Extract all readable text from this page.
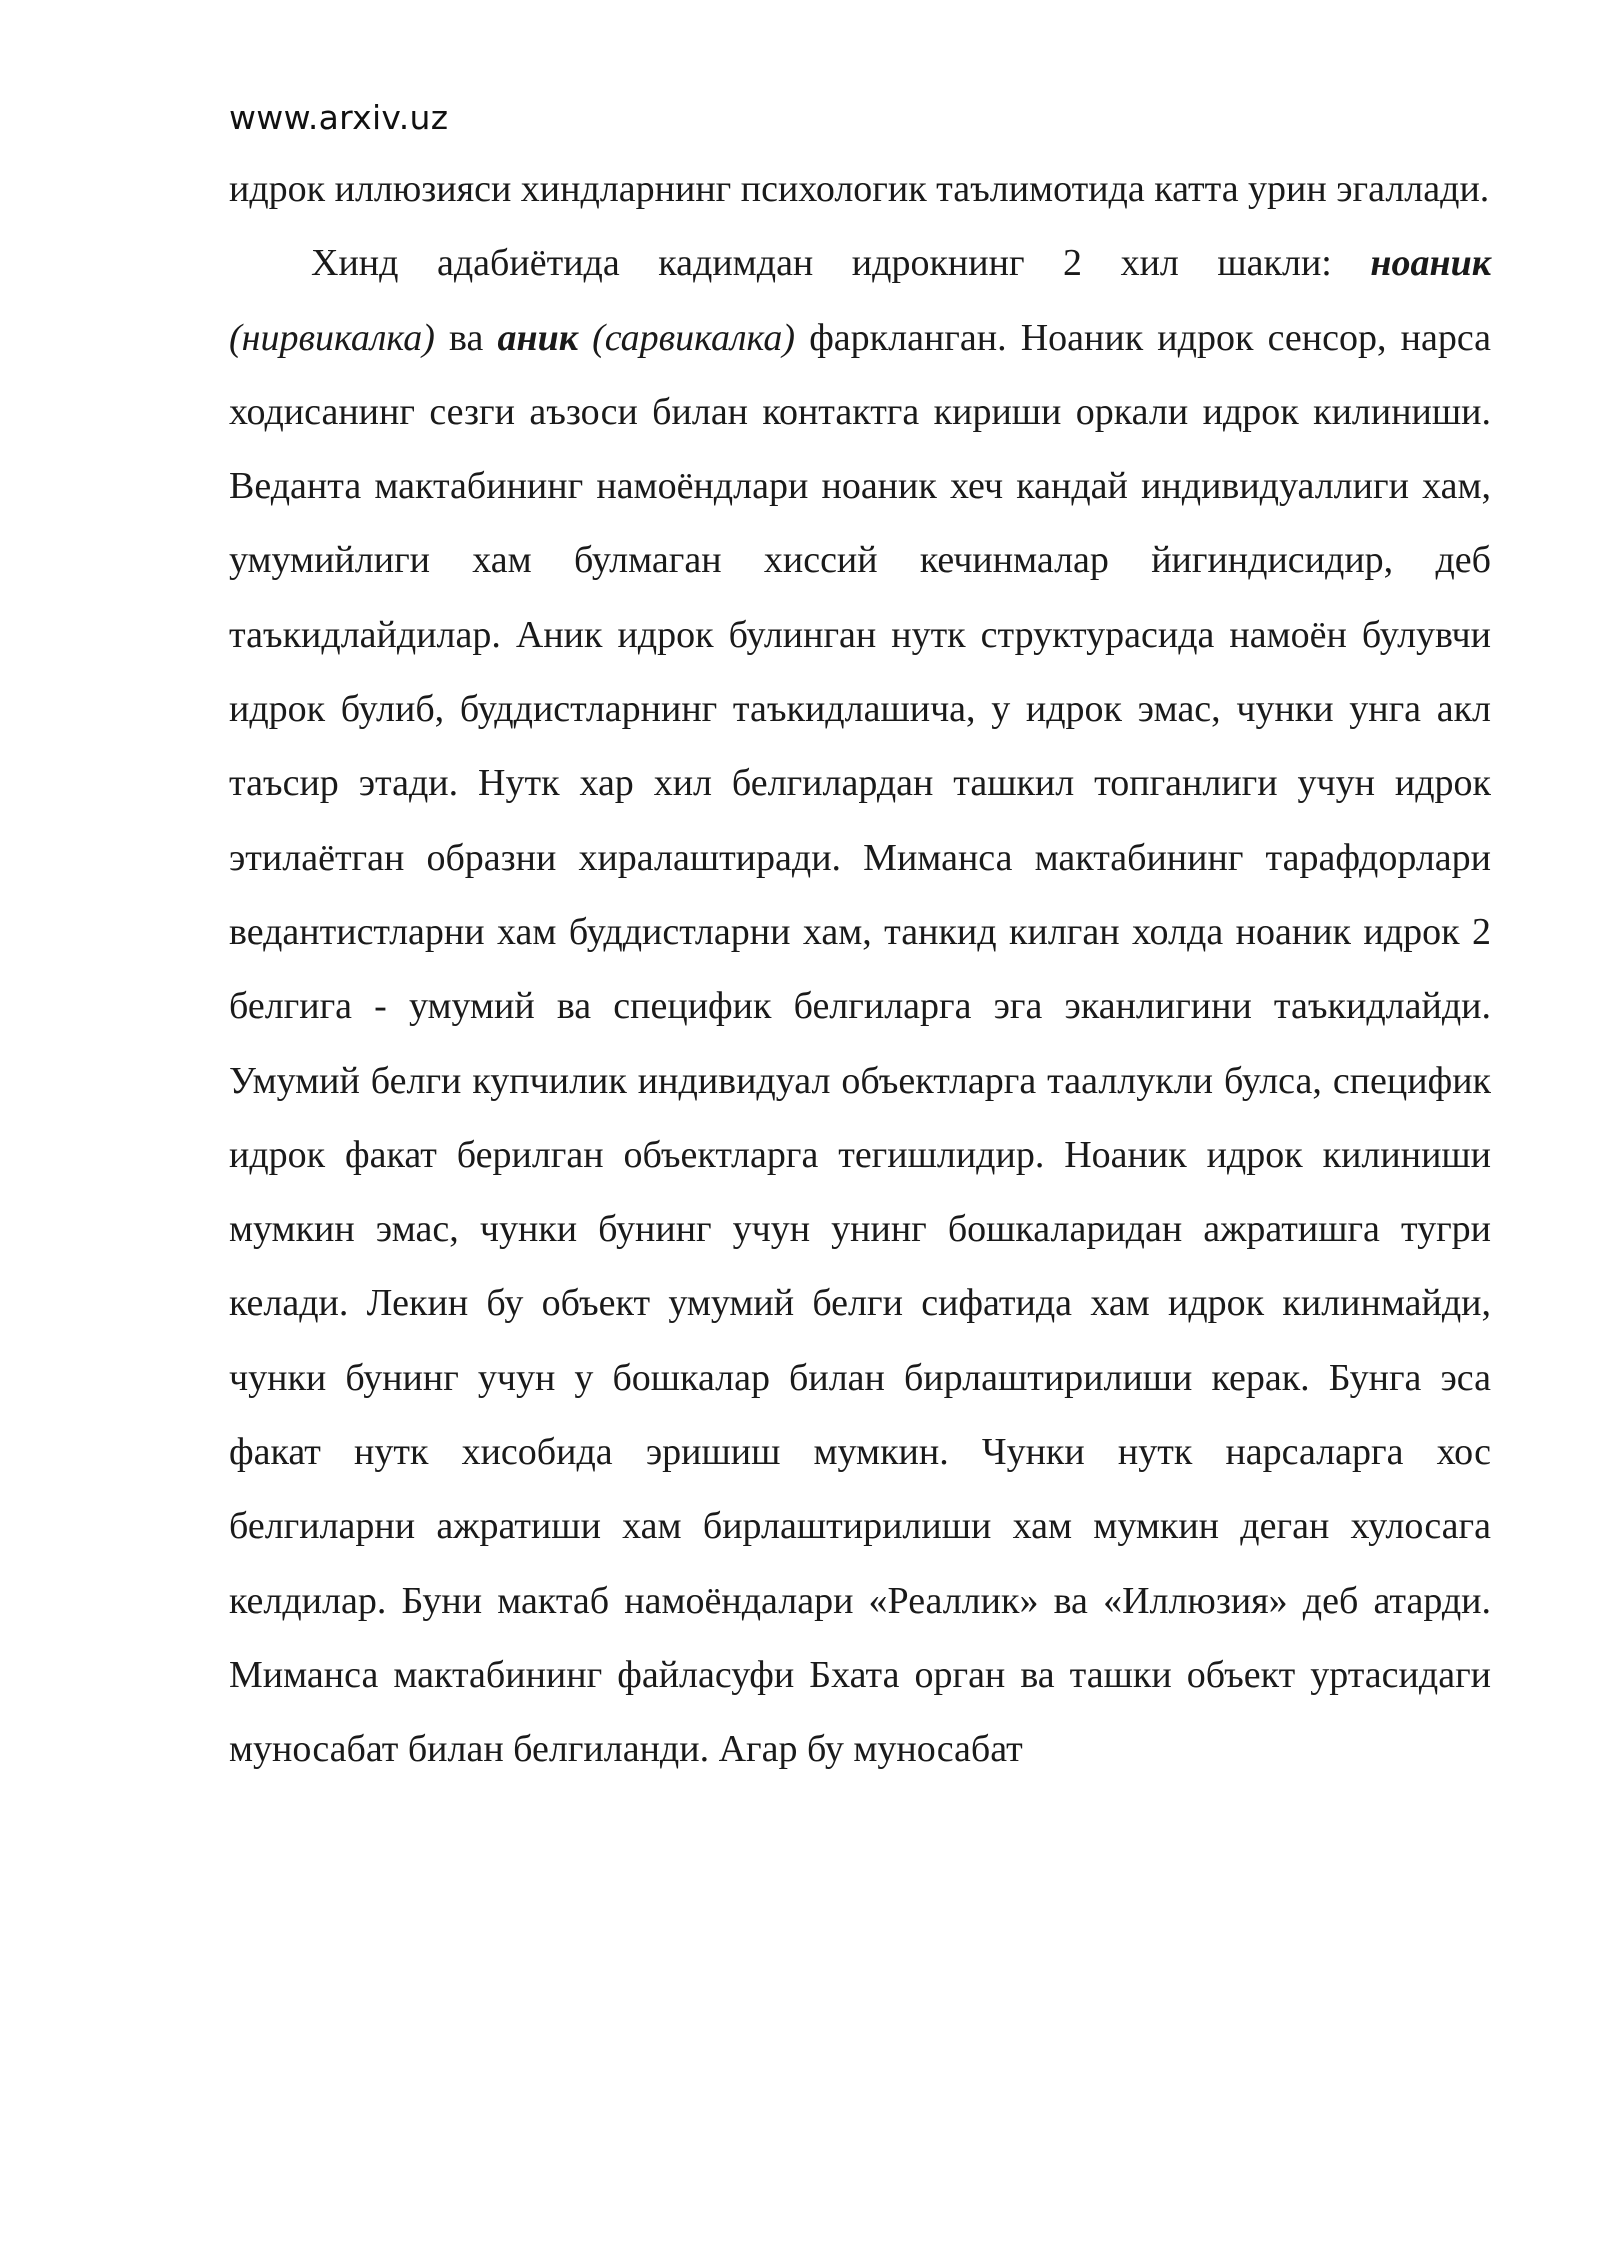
www.arxiv.uz

идрок иллюзияси хиндларнинг психологик таълимотида катта урин эгаллади.

Хинд адабиётида кадимдан идрокнинг 2 хил шакли: ноаник (нирвикалка) ва аник (сарвикалка) фаркланган. Ноаник идрок сенсор, нарса ходисанинг сезги аъзоси билан контактга кириши оркали идрок килиниши. Веданта мактабининг намоёндлари ноаник хеч кандай индивидуаллиги хам, умумийлиги хам булмаган хиссий кечинмалар йигиндисидир, деб таъкидлайдилар. Аник идрок булинган нутк структурасида намоён булувчи идрок булиб, буддистларнинг таъкидлашича, у идрок эмас, чунки унга акл таъсир этади. Нутк хар хил белгилардан ташкил топганлиги учун идрок этилаётган образни хиралаштиради. Миманса мактабининг тарафдорлари ведантистларни хам буддистларни хам, танкид килган холда ноаник идрок 2 белгига - умумий ва специфик белгиларга эга эканлигини таъкидлайди. Умумий белги купчилик индивидуал объектларга тааллукли булса, специфик идрок факат берилган объектларга тегишлидир. Ноаник идрок килиниши мумкин эмас, чунки бунинг учун унинг бошкаларидан ажратишга тугри келади. Лекин бу объект умумий белги сифатида хам идрок килинмайди, чунки бунинг учун у бошкалар билан бирлаштирилиши керак. Бунга эса факат нутк хисобида эришиш мумкин. Чунки нутк нарсаларга хос белгиларни ажратиши хам бирлаштирилиши хам мумкин деган хулосага келдилар. Буни мактаб намоёндалари «Реаллик» ва «Иллюзия» деб атарди. Миманса мактабининг файласуфи Бхата орган ва ташки объект уртасидаги муносабат билан белгиланди. Агар бу муносабат
